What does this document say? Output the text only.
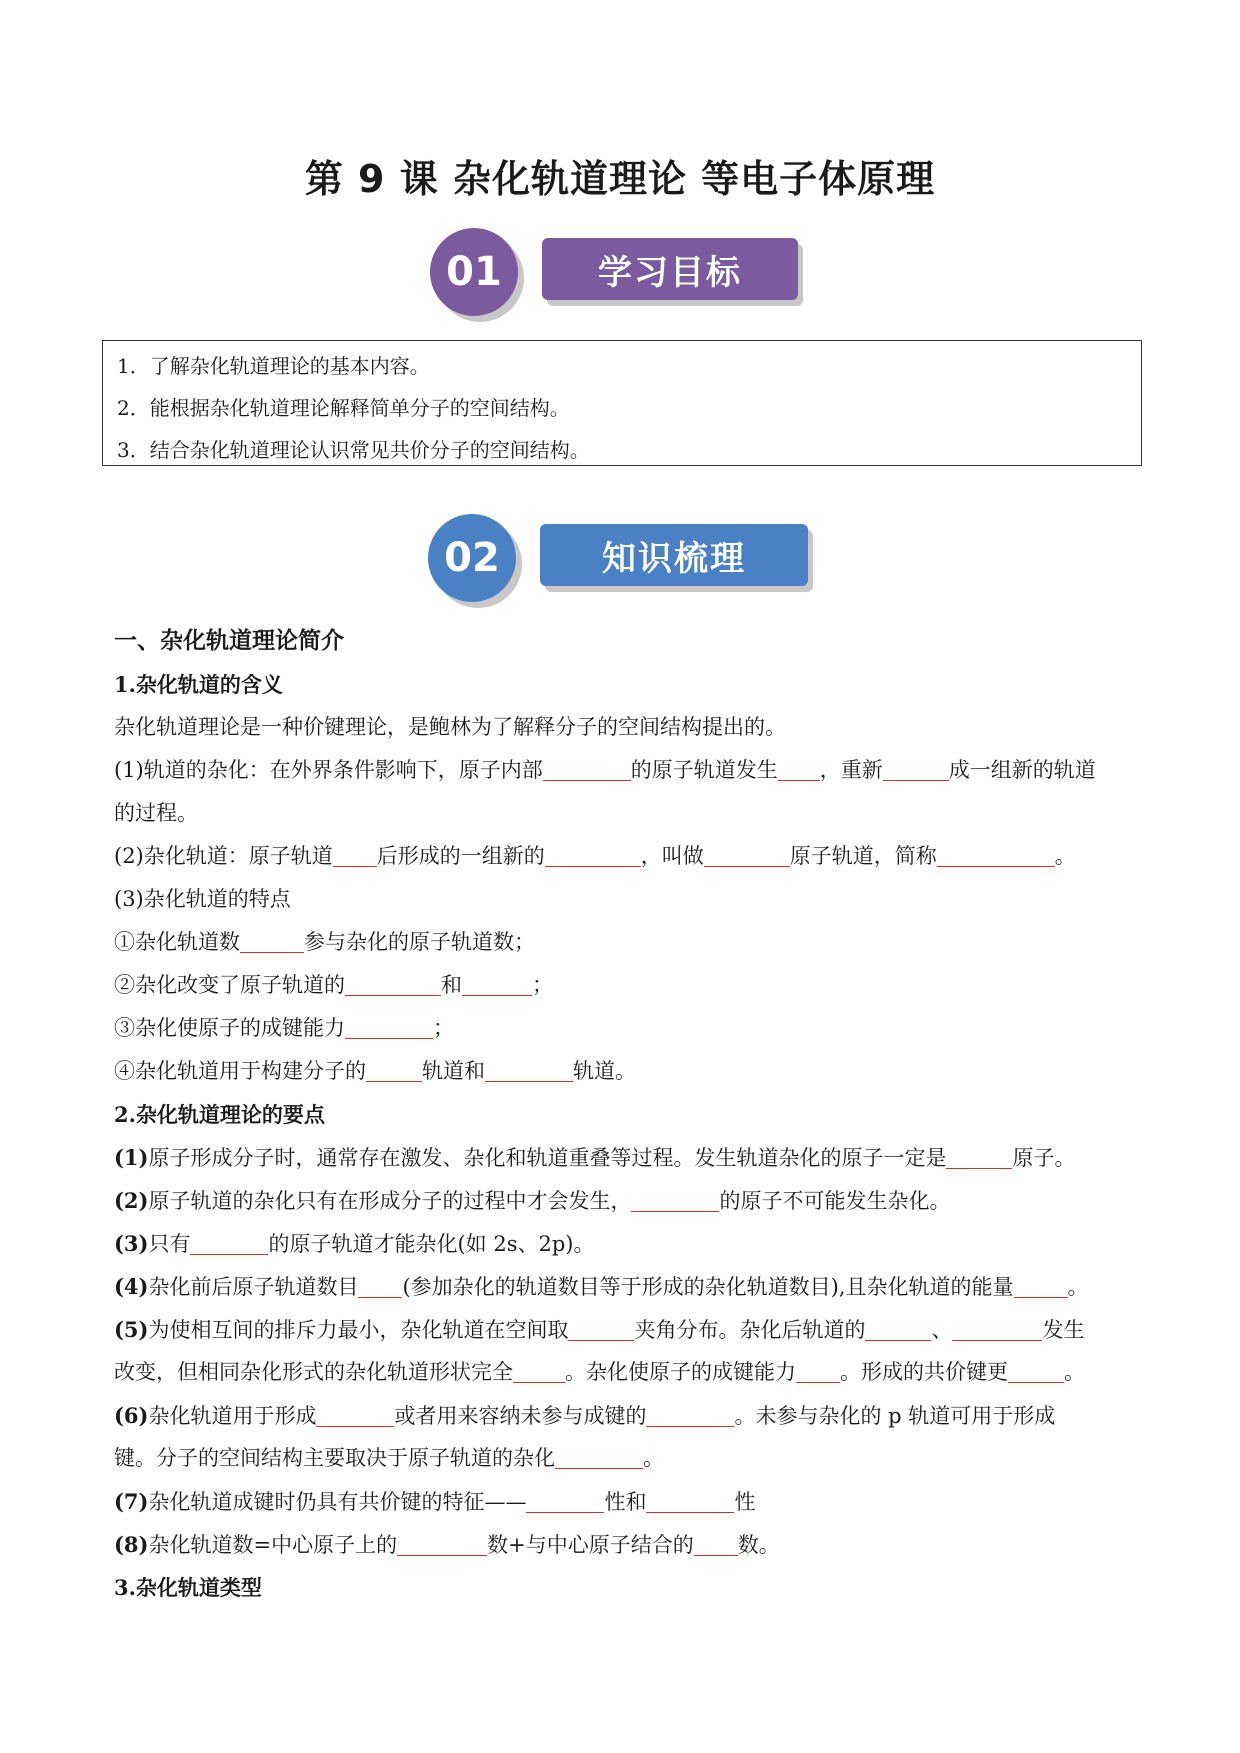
第 9 课 杂化轨道理论 等电子体原理
01	学习目标
1．了解杂化轨道理论的基本内容。
2．能根据杂化轨道理论解释简单分子的空间结构。
3．结合杂化轨道理论认识常见共价分子的空间结构。
02	知识梳理
一、杂化轨道理论简介
1.杂化轨道的含义
杂化轨道理论是一种价键理论，是鲍林为了解释分子的空间结构提出的。
(1)轨道的杂化：在外界条件影响下，原子内部	的原子轨道发生 ，重新	成一组新的轨道
的过程。
(2)杂化轨道：原子轨道 后形成的一组新的	，叫做	原子轨道，简称	。
(3)杂化轨道的特点
①杂化轨道数	参与杂化的原子轨道数；
②杂化改变了原子轨道的	和	；
③杂化使原子的成键能力	；
④杂化轨道用于构建分子的	轨道和	轨道。
2.杂化轨道理论的要点
(1)原子形成分子时，通常存在激发、杂化和轨道重叠等过程。发生轨道杂化的原子一定是	原子。
(2)原子轨道的杂化只有在形成分子的过程中才会发生，	的原子不可能发生杂化。
(3)只有	的原子轨道才能杂化(如 2s、2p)。
(4)杂化前后原子轨道数目 (参加杂化的轨道数目等于形成的杂化轨道数目),且杂化轨道的能量	。
(5)为使相互间的排斥力最小，杂化轨道在空间取	夹角分布。杂化后轨道的	、	发生
改变，但相同杂化形式的杂化轨道形状完全 。杂化使原子的成键能力 。形成的共价键更	。
(6)杂化轨道用于形成	或者用来容纳未参与成键的	。未参与杂化的 p 轨道可用于形成
键。分子的空间结构主要取决于原子轨道的杂化	。
(7)杂化轨道成键时仍具有共价键的特征——	性和	性
(8)杂化轨道数=中心原子上的	数+与中心原子结合的 数。
3.杂化轨道类型
